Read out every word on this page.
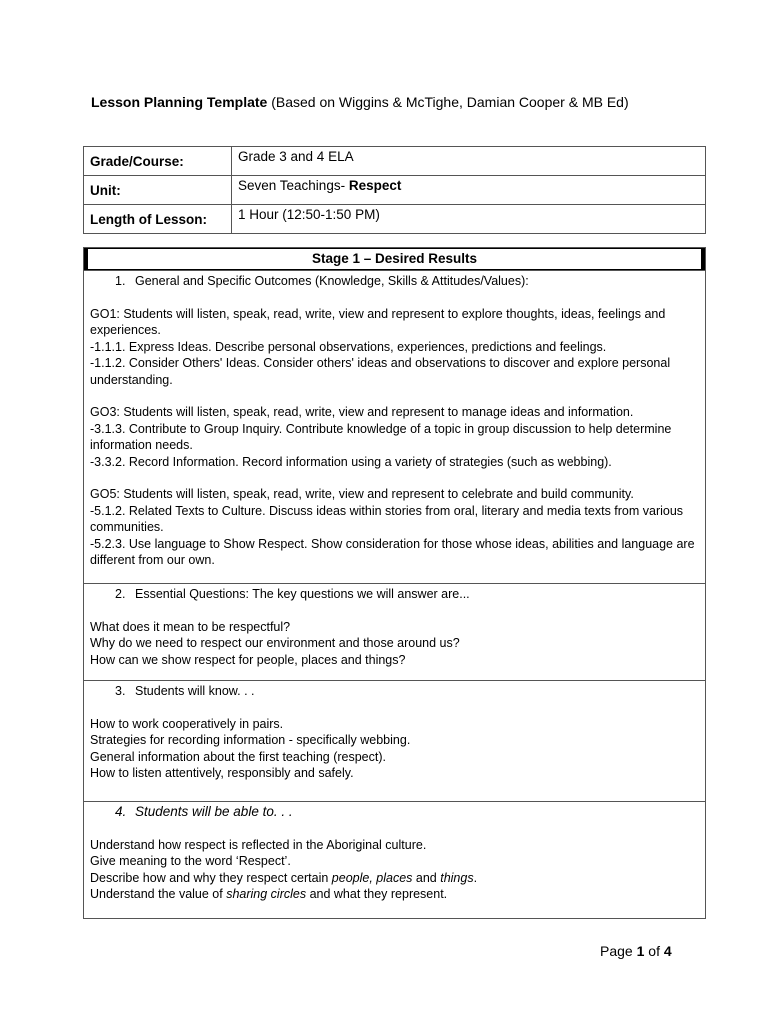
Lesson Planning Template (Based on Wiggins & McTighe, Damian Cooper & MB Ed)
Grade/Course:	Grade 3 and 4 ELA
Unit:	Seven Teachings- Respect
Length of Lesson:	1 Hour (12:50-1:50 PM)
Stage 1 – Desired Results
1. General and Specific Outcomes (Knowledge, Skills & Attitudes/Values):

GO1: Students will listen, speak, read, write, view and represent to explore thoughts, ideas, feelings and experiences.

-1.1.1. Express Ideas. Describe personal observations, experiences, predictions and feelings.

-1.1.2. Consider Others' Ideas. Consider others' ideas and observations to discover and explore personal understanding.

GO3: Students will listen, speak, read, write, view and represent to manage ideas and information.

-3.1.3. Contribute to Group Inquiry. Contribute knowledge of a topic in group discussion to help determine information needs.

-3.3.2. Record Information. Record information using a variety of strategies (such as webbing).

GO5: Students will listen, speak, read, write, view and represent to celebrate and build community.

-5.1.2. Related Texts to Culture. Discuss ideas within stories from oral, literary and media texts from various communities.

-5.2.3. Use language to Show Respect. Show consideration for those whose ideas, abilities and language are different from our own.

2. Essential Questions: The key questions we will answer are...

What does it mean to be respectful?

Why do we need to respect our environment and those around us?

How can we show respect for people, places and things?

3. Students will know. . .

How to work cooperatively in pairs.

Strategies for recording information - specifically webbing.

General information about the first teaching (respect).

How to listen attentively, responsibly and safely.

4. Students will be able to. . .

Understand how respect is reflected in the Aboriginal culture.

Give meaning to the word ‘Respect’.

Describe how and why they respect certain people, places and things.

Understand the value of sharing circles and what they represent.

Page 1 of 4
